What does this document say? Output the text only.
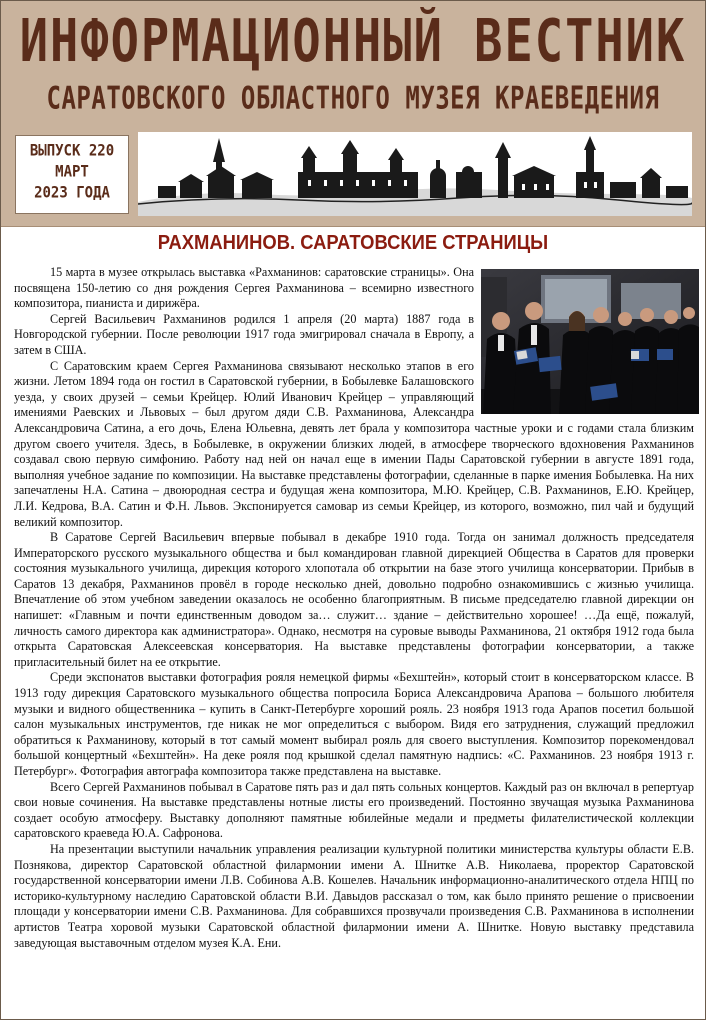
ИНФОРМАЦИОННЫЙ ВЕСТНИК
САРАТОВСКОГО ОБЛАСТНОГО МУЗЕЯ КРАЕВЕДЕНИЯ
ВЫПУСК 220
МАРТ
2023 ГОДА
РАХМАНИНОВ. САРАТОВСКИЕ СТРАНИЦЫ

15 марта в музее открылась выставка «Рахманинов: саратовские страницы». Она посвящена 150-летию со дня рождения Сергея Рахманинова – всемирно известного композитора, пианиста и дирижёра.

Сергей Васильевич Рахманинов родился 1 апреля (20 марта) 1887 года в Новгородской губернии. После революции 1917 года эмигрировал сначала в Европу, а затем в США.

С Саратовским краем Сергея Рахманинова связывают несколько этапов в его жизни. Летом 1894 года он гостил в Саратовской губернии, в Бобылевке Балашовского уезда, у своих друзей – семьи Крейцер. Юлий Иванович Крейцер – управляющий имениями Раевских и Львовых – был другом дяди С.В. Рахманинова, Александра Александровича Сатина, а его дочь, Елена Юльевна, девять лет брала у композитора частные уроки и с годами стала близким другом своего учителя. Здесь, в Бобылевке, в окружении близких людей, в атмосфере творческого вдохновения Рахманинов создавал свою первую симфонию. Работу над ней он начал еще в имении Пады Саратовской губернии в августе 1891 года, выполняя учебное задание по композиции. На выставке представлены фотографии, сделанные в парке имения Бобылевка. На них запечатлены Н.А. Сатина – двоюродная сестра и будущая жена композитора, М.Ю. Крейцер, С.В. Рахманинов, Е.Ю. Крейцер, Л.И. Кедрова, В.А. Сатин и Ф.Н. Львов. Экспонируется самовар из семьи Крейцер, из которого, возможно, пил чай и будущий великий композитор.

В Саратове Сергей Васильевич впервые побывал в декабре 1910 года. Тогда он занимал должность председателя Императорского русского музыкального общества и был командирован главной дирекцией Общества в Саратов для проверки состояния музыкального училища, дирекция которого хлопотала об открытии на базе этого училища консерватории. Прибыв в Саратов 13 декабря, Рахманинов провёл в городе несколько дней, довольно подробно ознакомившись с жизнью училища. Впечатление об этом учебном заведении оказалось не особенно благоприятным. В письме председателю главной дирекции он напишет: «Главным и почти единственным доводом за… служит… здание – действительно хорошее! …Да ещё, пожалуй, личность самого директора как администратора». Однако, несмотря на суровые выводы Рахманинова, 21 октября 1912 года была открыта Саратовская Алексеевская консерватория. На выставке представлены фотографии консерватории, а также пригласительный билет на ее открытие.

Среди экспонатов выставки фотография рояля немецкой фирмы «Бехштейн», который стоит в консерваторском классе. В 1913 году дирекция Саратовского музыкального общества попросила Бориса Александровича Арапова – большого любителя музыки и видного общественника – купить в Санкт-Петербурге хороший рояль. 23 ноября 1913 года Арапов посетил большой салон музыкальных инструментов, где никак не мог определиться с выбором. Видя его затруднения, служащий предложил обратиться к Рахманинову, который в тот самый момент выбирал рояль для своего выступления. Композитор порекомендовал большой концертный «Бехштейн». На деке рояля под крышкой сделал памятную надпись: «С. Рахманинов. 23 ноября 1913 г. Петербург». Фотография автографа композитора также представлена на выставке.

Всего Сергей Рахманинов побывал в Саратове пять раз и дал пять сольных концертов. Каждый раз он включал в репертуар свои новые сочинения. На выставке представлены нотные листы его произведений. Постоянно звучащая музыка Рахманинова создает особую атмосферу. Выставку дополняют памятные юбилейные медали и предметы филателистической коллекции саратовского краеведа Ю.А. Сафронова.

На презентации выступили начальник управления реализации культурной политики министерства культуры области Е.В. Познякова, директор Саратовской областной филармонии имени А. Шнитке А.В. Николаева, проректор Саратовской государственной консерватории имени Л.В. Собинова А.В. Кошелев. Начальник информационно-аналитического отдела НПЦ по историко-культурному наследию Саратовской области В.И. Давыдов рассказал о том, как было принято решение о присвоении площади у консерватории имени С.В. Рахманинова. Для собравшихся прозвучали произведения С.В. Рахманинова в исполнении артистов Театра хоровой музыки Саратовской областной филармонии имени А. Шнитке. Новую выставку представила заведующая выставочным отделом музея К.А. Ени.
